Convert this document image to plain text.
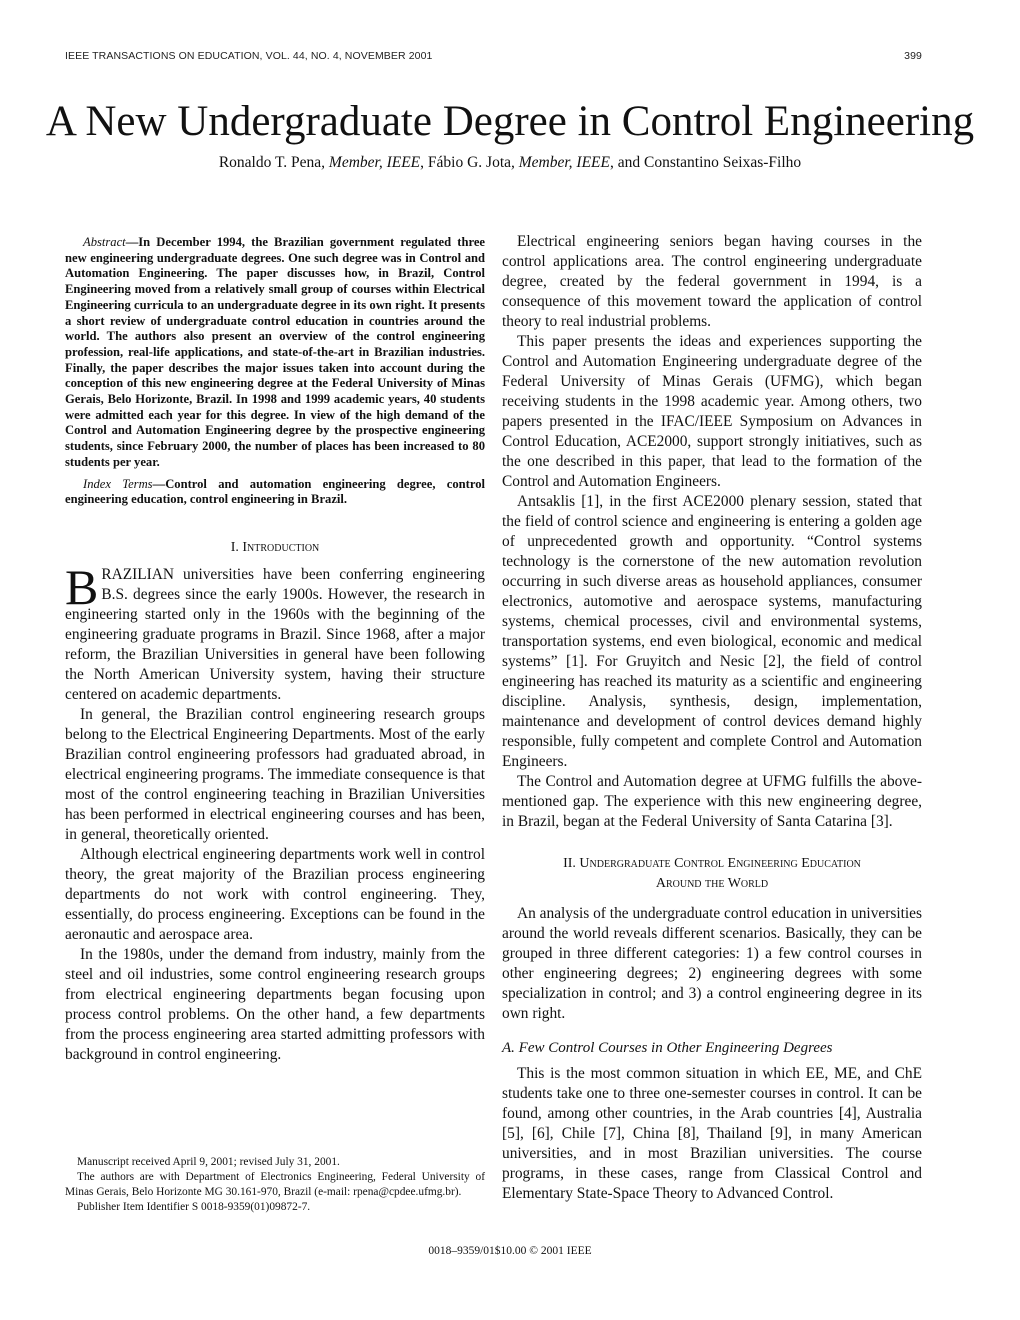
IEEE TRANSACTIONS ON EDUCATION, VOL. 44, NO. 4, NOVEMBER 2001	399
A New Undergraduate Degree in Control Engineering
Ronaldo T. Pena, Member, IEEE, Fábio G. Jota, Member, IEEE, and Constantino Seixas-Filho
Abstract—In December 1994, the Brazilian government regulated three new engineering undergraduate degrees. One such degree was in Control and Automation Engineering. The paper discusses how, in Brazil, Control Engineering moved from a relatively small group of courses within Electrical Engineering curricula to an undergraduate degree in its own right. It presents a short review of undergraduate control education in countries around the world. The authors also present an overview of the control engineering profession, real-life applications, and state-of-the-art in Brazilian industries. Finally, the paper describes the major issues taken into account during the conception of this new engineering degree at the Federal University of Minas Gerais, Belo Horizonte, Brazil. In 1998 and 1999 academic years, 40 students were admitted each year for this degree. In view of the high demand of the Control and Automation Engineering degree by the prospective engineering students, since February 2000, the number of places has been increased to 80 students per year.
Index Terms—Control and automation engineering degree, control engineering education, control engineering in Brazil.
I. Introduction

BRAZILIAN universities have been conferring engineering B.S. degrees since the early 1900s. However, the research in engineering started only in the 1960s with the beginning of the engineering graduate programs in Brazil. Since 1968, after a major reform, the Brazilian Universities in general have been following the North American University system, having their structure centered on academic departments.

In general, the Brazilian control engineering research groups belong to the Electrical Engineering Departments. Most of the early Brazilian control engineering professors had graduated abroad, in electrical engineering programs. The immediate consequence is that most of the control engineering teaching in Brazilian Universities has been performed in electrical engineering courses and has been, in general, theoretically oriented.

Although electrical engineering departments work well in control theory, the great majority of the Brazilian process engineering departments do not work with control engineering. They, essentially, do process engineering. Exceptions can be found in the aeronautic and aerospace area.

In the 1980s, under the demand from industry, mainly from the steel and oil industries, some control engineering research groups from electrical engineering departments began focusing upon process control problems. On the other hand, a few departments from the process engineering area started admitting professors with background in control engineering.

Electrical engineering seniors began having courses in the control applications area. The control engineering undergraduate degree, created by the federal government in 1994, is a consequence of this movement toward the application of control theory to real industrial problems.

This paper presents the ideas and experiences supporting the Control and Automation Engineering undergraduate degree of the Federal University of Minas Gerais (UFMG), which began receiving students in the 1998 academic year. Among others, two papers presented in the IFAC/IEEE Symposium on Advances in Control Education, ACE2000, support strongly initiatives, such as the one described in this paper, that lead to the formation of the Control and Automation Engineers.

Antsaklis [1], in the first ACE2000 plenary session, stated that the field of control science and engineering is entering a golden age of unprecedented growth and opportunity. “Control systems technology is the cornerstone of the new automation revolution occurring in such diverse areas as household appliances, consumer electronics, automotive and aerospace systems, manufacturing systems, chemical processes, civil and environmental systems, transportation systems, end even biological, economic and medical systems” [1]. For Gruyitch and Nesic [2], the field of control engineering has reached its maturity as a scientific and engineering discipline. Analysis, synthesis, design, implementation, maintenance and development of control devices demand highly responsible, fully competent and complete Control and Automation Engineers.

The Control and Automation degree at UFMG fulfills the above-mentioned gap. The experience with this new engineering degree, in Brazil, began at the Federal University of Santa Catarina [3].

II. Undergraduate Control Engineering Education
Around the World

An analysis of the undergraduate control education in universities around the world reveals different scenarios. Basically, they can be grouped in three different categories: 1) a few control courses in other engineering degrees; 2) engineering degrees with some specialization in control; and 3) a control engineering degree in its own right.

A. Few Control Courses in Other Engineering Degrees

This is the most common situation in which EE, ME, and ChE students take one to three one-semester courses in control. It can be found, among other countries, in the Arab countries [4], Australia [5], [6], Chile [7], China [8], Thailand [9], in many American universities, and in most Brazilian universities. The course programs, in these cases, range from Classical Control and Elementary State-Space Theory to Advanced Control.

Manuscript received April 9, 2001; revised July 31, 2001.
The authors are with Department of Electronics Engineering, Federal University of Minas Gerais, Belo Horizonte MG 30.161-970, Brazil (e-mail: rpena@cpdee.ufmg.br).
Publisher Item Identifier S 0018-9359(01)09872-7.
0018–9359/01$10.00 © 2001 IEEE
